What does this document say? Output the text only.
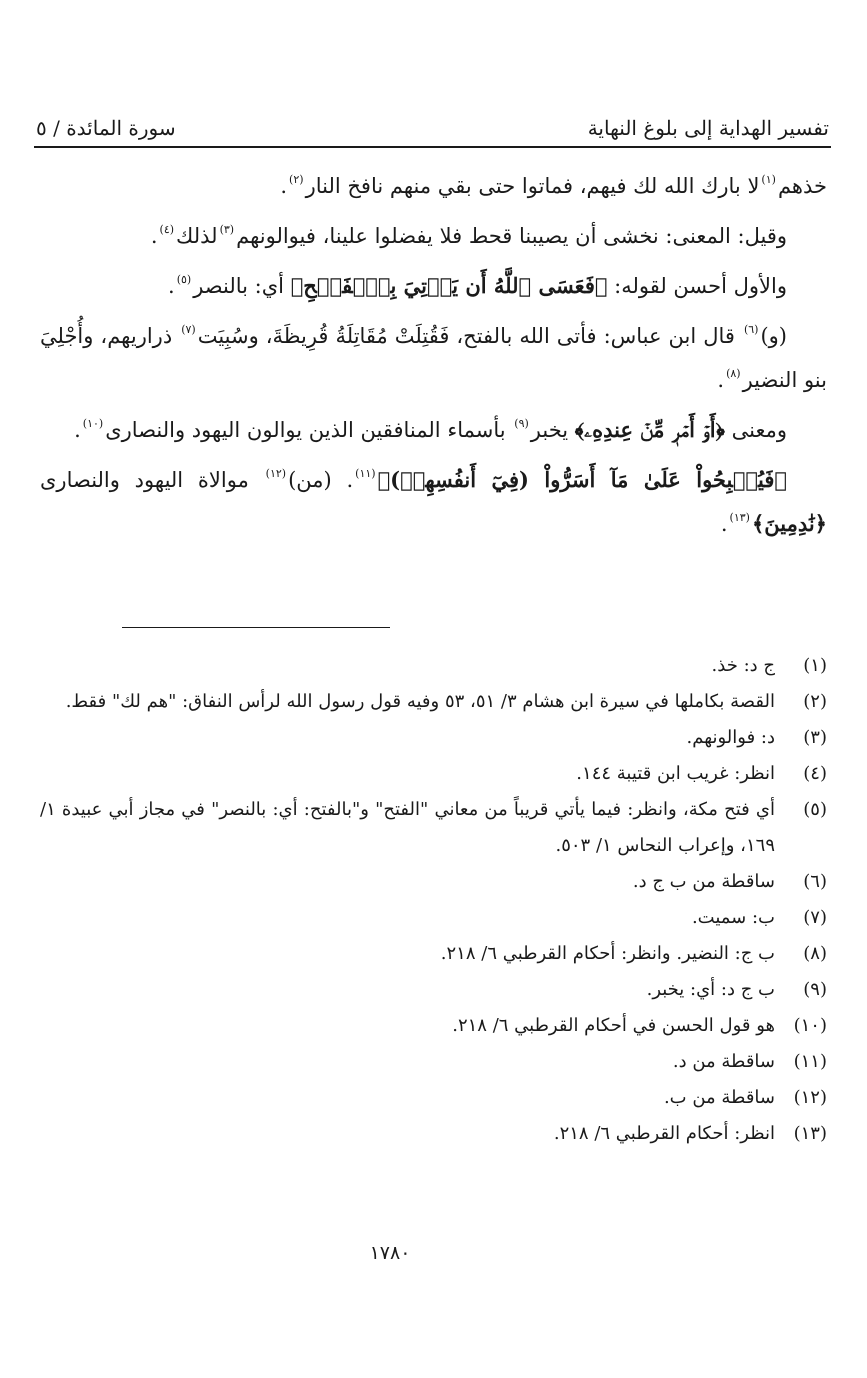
تفسير الهداية إلى بلوغ النهاية
سورة المائدة / ٥

خذهم$^{(١)}$لا بارك الله لك فيهم، فماتوا حتى بقي منهم نافخ النار$^{(٢)}$.

وقيل: المعنى: نخشى أن يصيبنا قحط فلا يفضلوا علينا، فيوالونهم$^{(٣)}$لذلك$^{(٤)}$.

والأول أحسن لقوله: ﴿فَعَسَى ٱللَّهُ أَن يَأۡتِيَ بِٱلۡفَتۡحِ﴾ أي: بالنصر$^{(٥)}$.

(و)$^{(٦)}$ قال ابن عباس: فأتى الله بالفتح، فَقُتِلَتْ مُقَاتِلَةُ قُرِيظَةَ، وسُبِيَت$^{(٧)}$ ذراريهم، وأُجْلِيَ بنو النضير$^{(٨)}$.

ومعنى ﴿أَوۡ أَمۡرٖ مِّنۡ عِندِهِۦ﴾ يخبر$^{(٩)}$ بأسماء المنافقين الذين يوالون اليهود والنصارى$^{(١٠)}$.

﴿فَيُصۡبِحُواْ عَلَىٰ مَآ أَسَرُّواْ (فِيٓ أَنفُسِهِمۡ)﴾$^{(١١)}$. (من)$^{(١٢)}$ موالاة اليهود والنصارى ﴿نَٰدِمِينَ﴾$^{(١٣)}$.

(١)
ج د: خذ.
(٢)
القصة بكاملها في سيرة ابن هشام ٣/ ٥١، ٥٣ وفيه قول رسول الله لرأس النفاق: "هم لك" فقط.
(٣)
د: فوالونهم.
(٤)
انظر: غريب ابن قتيبة ١٤٤.
(٥)
أي فتح مكة، وانظر: فيما يأتي قريباً من معاني "الفتح" و"بالفتح: أي: بالنصر" في مجاز أبي عبيدة ١/ ١٦٩، وإعراب النحاس ١/ ٥٠٣.
(٦)
ساقطة من ب ج د.
(٧)
ب: سميت.
(٨)
ب ج: النضير. وانظر: أحكام القرطبي ٦/ ٢١٨.
(٩)
ب ج د: أي: يخبر.
(١٠)
هو قول الحسن في أحكام القرطبي ٦/ ٢١٨.
(١١)
ساقطة من د.
(١٢)
ساقطة من ب.
(١٣)
انظر: أحكام القرطبي ٦/ ٢١٨.
١٧٨٠
